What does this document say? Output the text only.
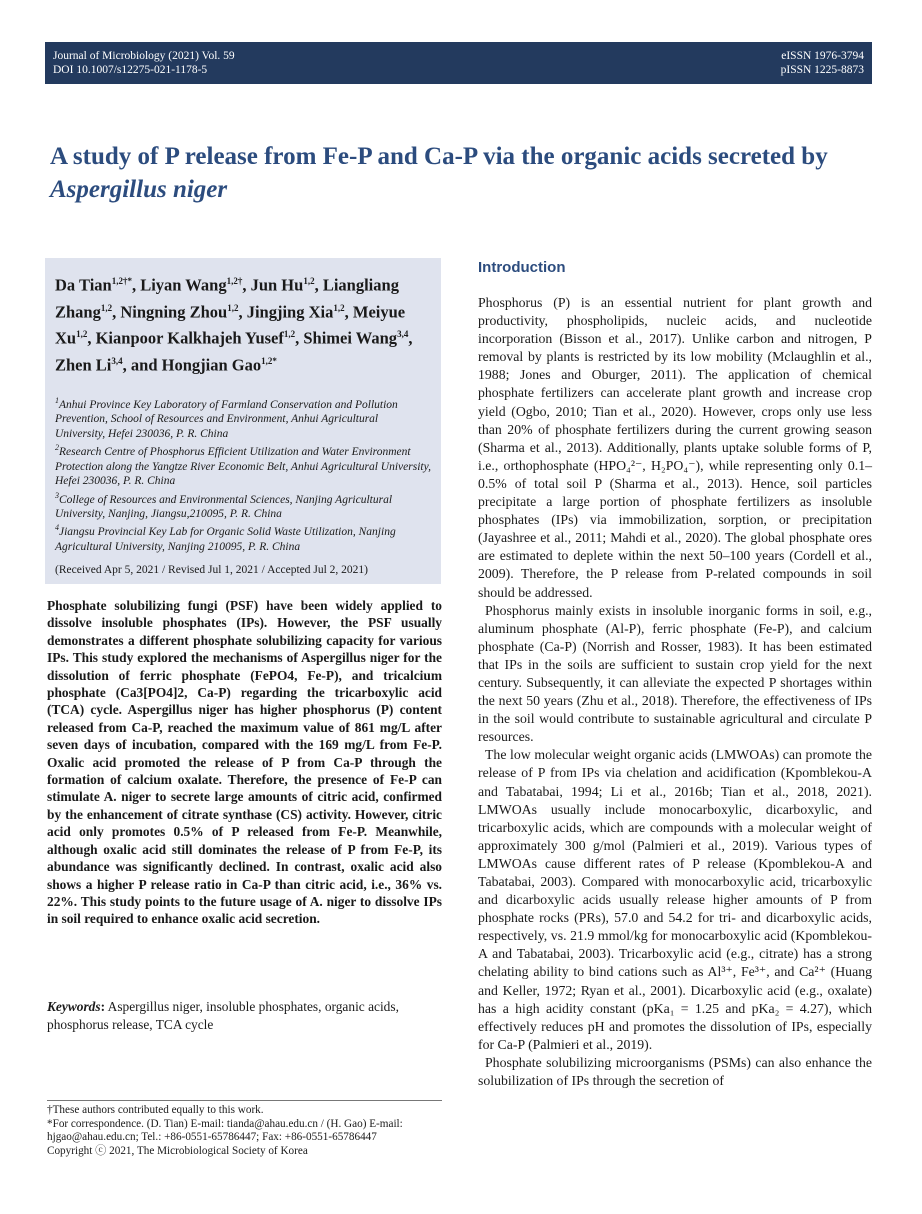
Journal of Microbiology (2021) Vol. 59
DOI 10.1007/s12275-021-1178-5
eISSN 1976-3794
pISSN 1225-8873
A study of P release from Fe-P and Ca-P via the organic acids secreted by Aspergillus niger
Da Tian$^{1,2\dagger*}$, Liyan Wang$^{1,2\dagger}$, Jun Hu$^{1,2}$, Liangliang Zhang$^{1,2}$, Ningning Zhou$^{1,2}$, Jingjing Xia$^{1,2}$, Meiyue Xu$^{1,2}$, Kianpoor Kalkhajeh Yusef$^{1,2}$, Shimei Wang$^{3,4}$, Zhen Li$^{3,4}$, and Hongjian Gao$^{1,2*}$
$^1$Anhui Province Key Laboratory of Farmland Conservation and Pollution Prevention, School of Resources and Environment, Anhui Agricultural University, Hefei 230036, P. R. China
$^2$Research Centre of Phosphorus Efficient Utilization and Water Environment Protection along the Yangtze River Economic Belt, Anhui Agricultural University, Hefei 230036, P. R. China
$^3$College of Resources and Environmental Sciences, Nanjing Agricultural University, Nanjing, Jiangsu,210095, P. R. China
$^4$Jiangsu Provincial Key Lab for Organic Solid Waste Utilization, Nanjing Agricultural University, Nanjing 210095, P. R. China
(Received Apr 5, 2021 / Revised Jul 1, 2021 / Accepted Jul 2, 2021)
Phosphate solubilizing fungi (PSF) have been widely applied to dissolve insoluble phosphates (IPs). However, the PSF usually demonstrates a different phosphate solubilizing capacity for various IPs. This study explored the mechanisms of Aspergillus niger for the dissolution of ferric phosphate (FePO4, Fe-P), and tricalcium phosphate (Ca3[PO4]2, Ca-P) regarding the tricarboxylic acid (TCA) cycle. Aspergillus niger has higher phosphorus (P) content released from Ca-P, reached the maximum value of 861 mg/L after seven days of incubation, compared with the 169 mg/L from Fe-P. Oxalic acid promoted the release of P from Ca-P through the formation of calcium oxalate. Therefore, the presence of Fe-P can stimulate A. niger to secrete large amounts of citric acid, confirmed by the enhancement of citrate synthase (CS) activity. However, citric acid only promotes 0.5% of P released from Fe-P. Meanwhile, although oxalic acid still dominates the release of P from Fe-P, its abundance was significantly declined. In contrast, oxalic acid also shows a higher P release ratio in Ca-P than citric acid, i.e., 36% vs. 22%. This study points to the future usage of A. niger to dissolve IPs in soil required to enhance oxalic acid secretion.
Keywords: Aspergillus niger, insoluble phosphates, organic acids, phosphorus release, TCA cycle
†These authors contributed equally to this work.
*For correspondence. (D. Tian) E-mail: tianda@ahau.edu.cn / (H. Gao) E-mail: hjgao@ahau.edu.cn; Tel.: +86-0551-65786447; Fax: +86-0551-65786447
Copyright ⓒ 2021, The Microbiological Society of Korea
Introduction

Phosphorus (P) is an essential nutrient for plant growth and productivity, phospholipids, nucleic acids, and nucleotide incorporation (Bisson et al., 2017). Unlike carbon and nitrogen, P removal by plants is restricted by its low mobility (Mclaughlin et al., 1988; Jones and Oburger, 2011). The application of chemical phosphate fertilizers can accelerate plant growth and increase crop yield (Ogbo, 2010; Tian et al., 2020). However, crops only use less than 20% of phosphate fertilizers during the current growing season (Sharma et al., 2013). Additionally, plants uptake soluble forms of P, i.e., orthophosphate (HPO₄²⁻, H₂PO₄⁻), while representing only 0.1–0.5% of total soil P (Sharma et al., 2013). Hence, soil particles precipitate a large portion of phosphate fertilizers as insoluble phosphates (IPs) via immobilization, sorption, or precipitation (Jayashree et al., 2011; Mahdi et al., 2020). The global phosphate ores are estimated to deplete within the next 50–100 years (Cordell et al., 2009). Therefore, the P release from P-related compounds in soil should be addressed.

Phosphorus mainly exists in insoluble inorganic forms in soil, e.g., aluminum phosphate (Al-P), ferric phosphate (Fe-P), and calcium phosphate (Ca-P) (Norrish and Rosser, 1983). It has been estimated that IPs in the soils are sufficient to sustain crop yield for the next century. Subsequently, it can alleviate the expected P shortages within the next 50 years (Zhu et al., 2018). Therefore, the effectiveness of IPs in the soil would contribute to sustainable agricultural and circulate P resources.

The low molecular weight organic acids (LMWOAs) can promote the release of P from IPs via chelation and acidification (Kpomblekou-A and Tabatabai, 1994; Li et al., 2016b; Tian et al., 2018, 2021). LMWOAs usually include monocarboxylic, dicarboxylic, and tricarboxylic acids, which are compounds with a molecular weight of approximately 300 g/mol (Palmieri et al., 2019). Various types of LMWOAs cause different rates of P release (Kpomblekou-A and Tabatabai, 2003). Compared with monocarboxylic acid, tricarboxylic and dicarboxylic acids usually release higher amounts of P from phosphate rocks (PRs), 57.0 and 54.2 for tri- and dicarboxylic acids, respectively, vs. 21.9 mmol/kg for monocarboxylic acid (Kpomblekou-A and Tabatabai, 2003). Tricarboxylic acid (e.g., citrate) has a strong chelating ability to bind cations such as Al³⁺, Fe³⁺, and Ca²⁺ (Huang and Keller, 1972; Ryan et al., 2001). Dicarboxylic acid (e.g., oxalate) has a high acidity constant (pKa₁ = 1.25 and pKa₂ = 4.27), which effectively reduces pH and promotes the dissolution of IPs, especially for Ca-P (Palmieri et al., 2019).

Phosphate solubilizing microorganisms (PSMs) can also enhance the solubilization of IPs through the secretion of
